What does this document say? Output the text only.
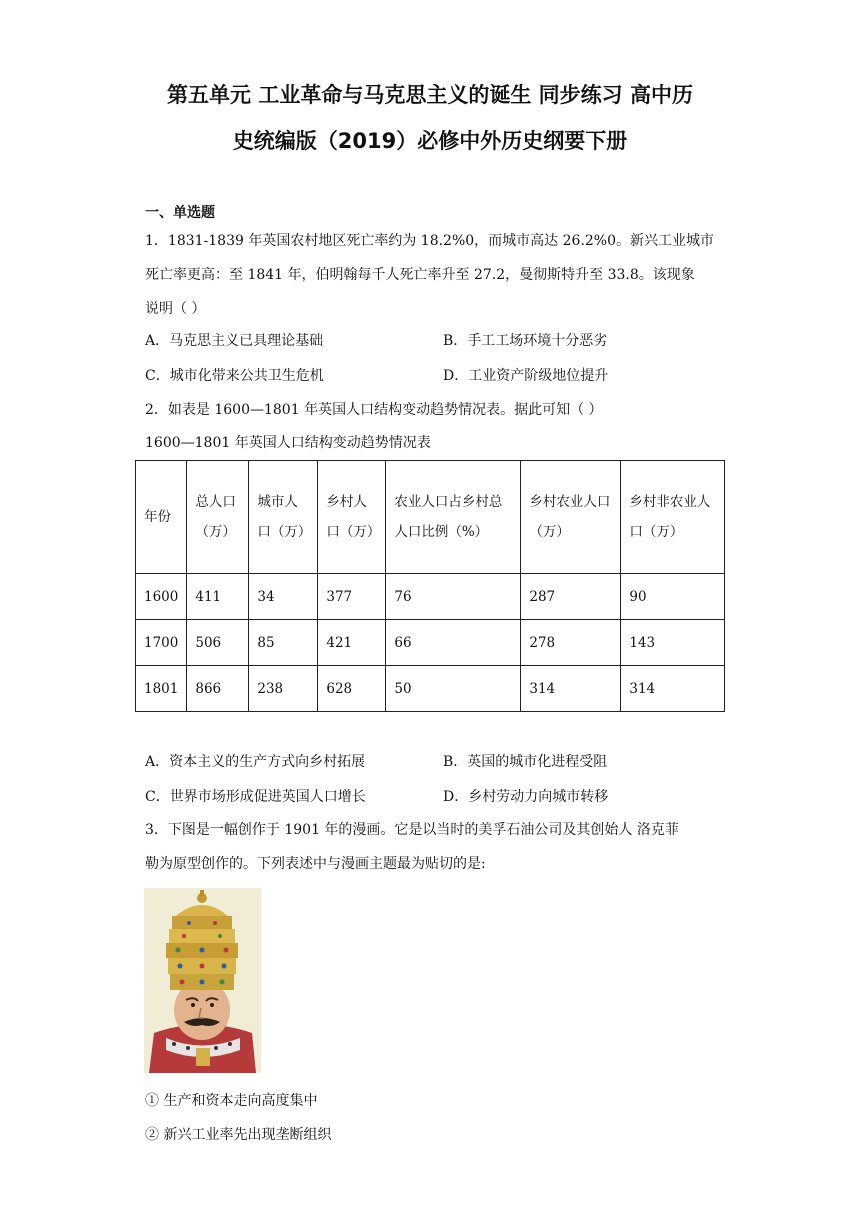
第五单元 工业革命与马克思主义的诞生 同步练习 高中历
史统编版（2019）必修中外历史纲要下册
一、单选题
1．1831-1839 年英国农村地区死亡率约为 18.2%0，而城市高达 26.2%0。新兴工业城市
死亡率更高：至 1841 年，伯明翰每千人死亡率升至 27.2，曼彻斯特升至 33.8。该现象
说明（ ）
A．马克思主义已具理论基础	B．手工工场环境十分恶劣
C．城市化带来公共卫生危机	D．工业资产阶级地位提升
2．如表是 1600—1801 年英国人口结构变动趋势情况表。据此可知（ ）
1600—1801 年英国人口结构变动趋势情况表
年份	总人口（万）	城市人口（万）	乡村人口（万）	农业人口占乡村总人口比例（%）	乡村农业人口（万）	乡村非农业人口（万）
1600	411	34	377	76	287	90
1700	506	85	421	66	278	143
1801	866	238	628	50	314	314
A．资本主义的生产方式向乡村拓展	B．英国的城市化进程受阻
C．世界市场形成促进英国人口增长	D．乡村劳动力向城市转移
3．下图是一幅创作于 1901 年的漫画。它是以当时的美孚石油公司及其创始人 洛克菲
勒为原型创作的。下列表述中与漫画主题最为贴切的是:
① 生产和资本走向高度集中
② 新兴工业率先出现垄断组织
